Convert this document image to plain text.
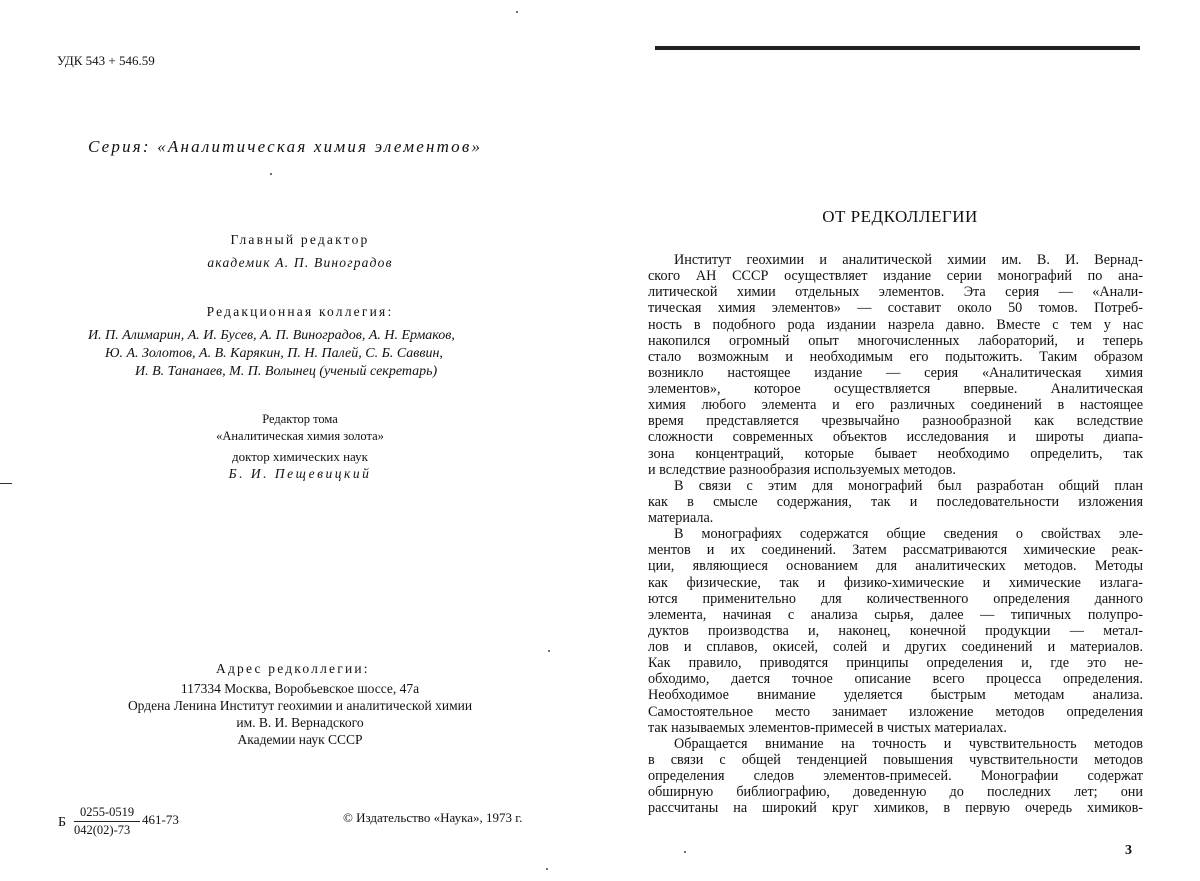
УДК 543 + 546.59
Серия: «Аналитическая химия элементов»
Главный редактор
академик А. П. Виноградов
Редакционная коллегия:
И. П. Алимарин, А. И. Бусев, А. П. Виноградов, А. Н. Ермаков,
Ю. А. Золотов, А. В. Карякин, П. Н. Палей, С. Б. Саввин,
И. В. Тананаев, М. П. Волынец (ученый секретарь)
Редактор тома
«Аналитическая химия золота»
доктор химических наук
Б. И. Пещевицкий
Адрес редколлегии:
117334 Москва, Воробьевское шоссе, 47а
Ордена Ленина Институт геохимии и аналитической химии
им. В. И. Вернадского
Академии наук СССР
Б
0255-0519
042(02)-73
461-73	© Издательство «Наука», 1973 г.
ОТ РЕДКОЛЛЕГИИ
Институт геохимии и аналитической химии им. В. И. Вернад-
ского АН СССР осуществляет издание серии монографий по ана-
литической химии отдельных элементов. Эта серия — «Анали-
тическая химия элементов» — составит около 50 томов. Потреб-
ность в подобного рода издании назрела давно. Вместе с тем у нас
накопился огромный опыт многочисленных лабораторий, и теперь
стало возможным и необходимым его подытожить. Таким образом
возникло настоящее издание — серия «Аналитическая химия
элементов», которое осуществляется впервые. Аналитическая
химия любого элемента и его различных соединений в настоящее
время представляется чрезвычайно разнообразной как вследствие
сложности современных объектов исследования и широты диапа-
зона концентраций, которые бывает необходимо определить, так
и вследствие разнообразия используемых методов.
В связи с этим для монографий был разработан общий план
как в смысле содержания, так и последовательности изложения
материала.
В монографиях содержатся общие сведения о свойствах эле-
ментов и их соединений. Затем рассматриваются химические реак-
ции, являющиеся основанием для аналитических методов. Методы
как физические, так и физико-химические и химические излага-
ются применительно для количественного определения данного
элемента, начиная с анализа сырья, далее — типичных полупро-
дуктов производства и, наконец, конечной продукции — метал-
лов и сплавов, окисей, солей и других соединений и материалов.
Как правило, приводятся принципы определения и, где это не-
обходимо, дается точное описание всего процесса определения.
Необходимое внимание уделяется быстрым методам анализа.
Самостоятельное место занимает изложение методов определения
так называемых элементов-примесей в чистых материалах.
Обращается внимание на точность и чувствительность методов
в связи с общей тенденцией повышения чувствительности методов
определения следов элементов-примесей. Монографии содержат
обширную библиографию, доведенную до последних лет; они
рассчитаны на широкий круг химиков, в первую очередь химиков-
3
